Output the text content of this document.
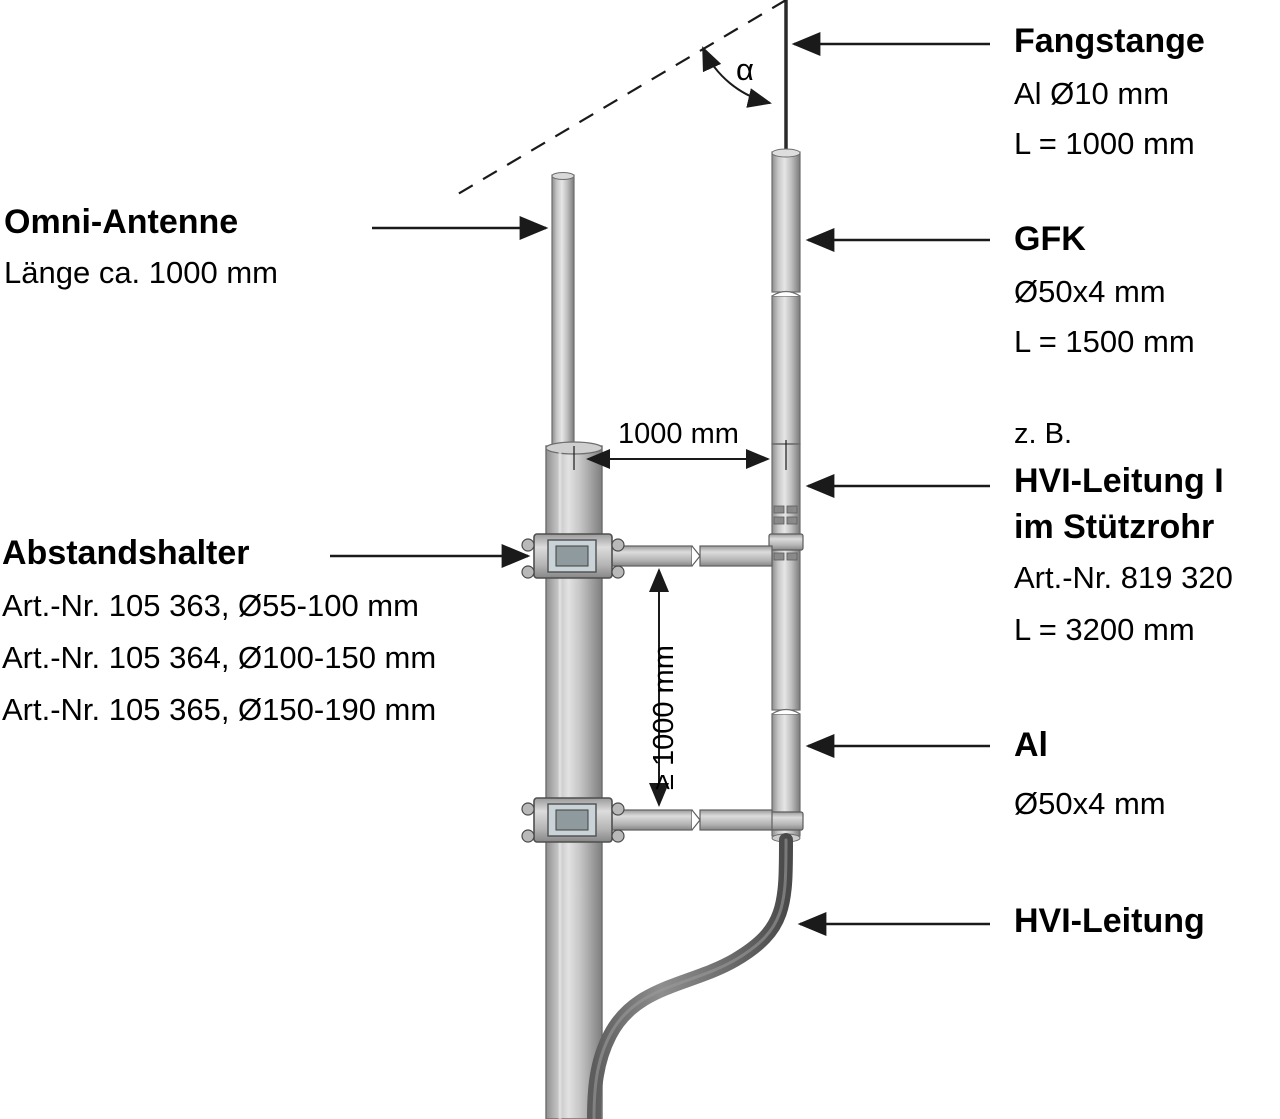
α
1000 mm
≥ 1000 mm
Omni-Antenne
Länge ca. 1000 mm
Abstandshalter
Art.-Nr. 105 363, Ø55-100 mm
Art.-Nr. 105 364, Ø100-150 mm
Art.-Nr. 105 365, Ø150-190 mm
Fangstange
Al Ø10 mm
L = 1000 mm
GFK
Ø50x4 mm
L = 1500 mm
z. B.
HVI-Leitung I
im Stützrohr
Art.-Nr. 819 320
L = 3200 mm
Al
Ø50x4 mm
HVI-Leitung
